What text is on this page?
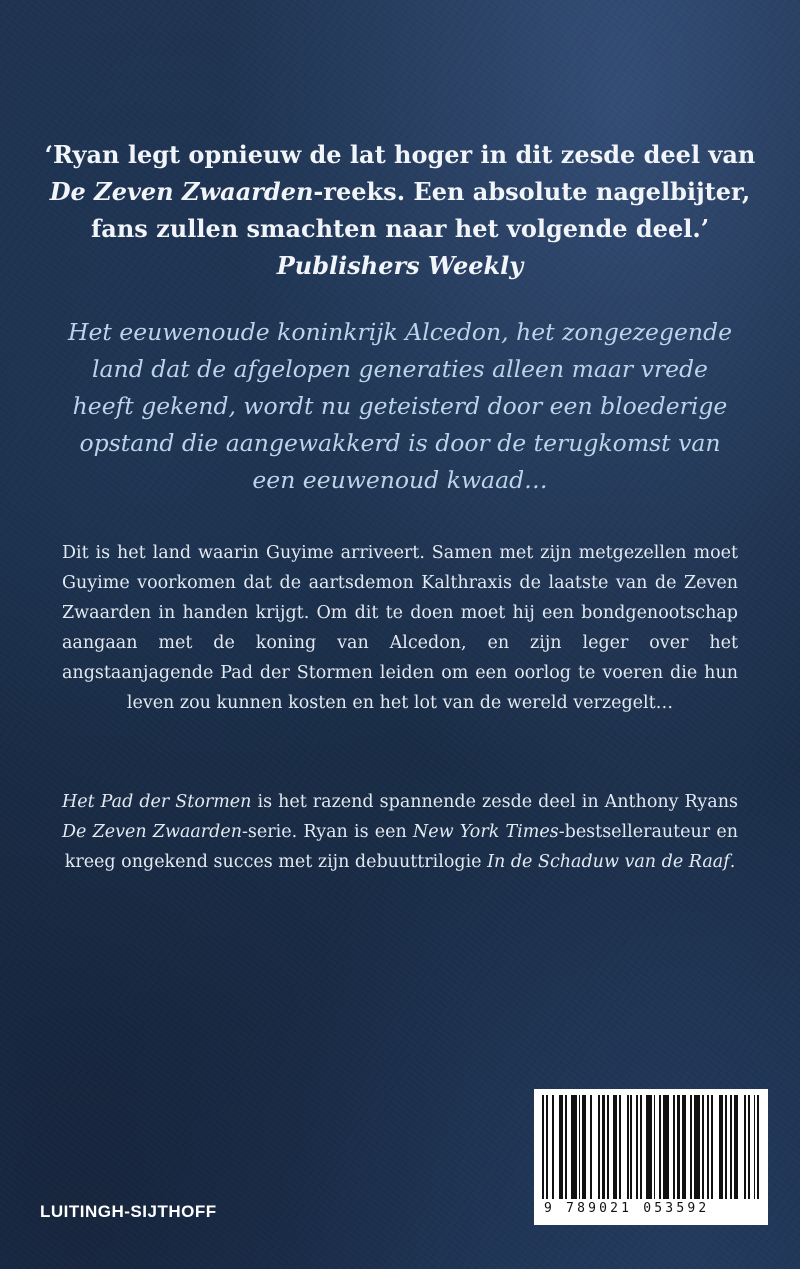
‘Ryan legt opnieuw de lat hoger in dit zesde deel van

De Zeven Zwaarden-reeks. Een absolute nagelbijter,

fans zullen smachten naar het volgende deel.’

Publishers Weekly

Het eeuwenoude koninkrijk Alcedon, het zongezegende
land dat de afgelopen generaties alleen maar vrede
heeft gekend, wordt nu geteisterd door een bloederige
opstand die aangewakkerd is door de terugkomst van
een eeuwenoud kwaad…

Dit is het land waarin Guyime arriveert. Samen met zijn metgezellen moet Guyime voorkomen dat de aartsdemon Kalthraxis de laatste van de Zeven Zwaarden in handen krijgt. Om dit te doen moet hij een bondgenootschap aangaan met de koning van Alcedon, en zijn leger over het angstaanjagende Pad der Stormen leiden om een oorlog te voeren die hun leven zou kunnen kosten en het lot van de wereld verzegelt…

Het Pad der Stormen is het razend spannende zesde deel in Anthony Ryans De Zeven Zwaarden-serie. Ryan is een New York Times-bestsellerauteur en kreeg ongekend succes met zijn debuuttrilogie In de Schaduw van de Raaf.

9 789021 053592
LUITINGH-SIJTHOFF
